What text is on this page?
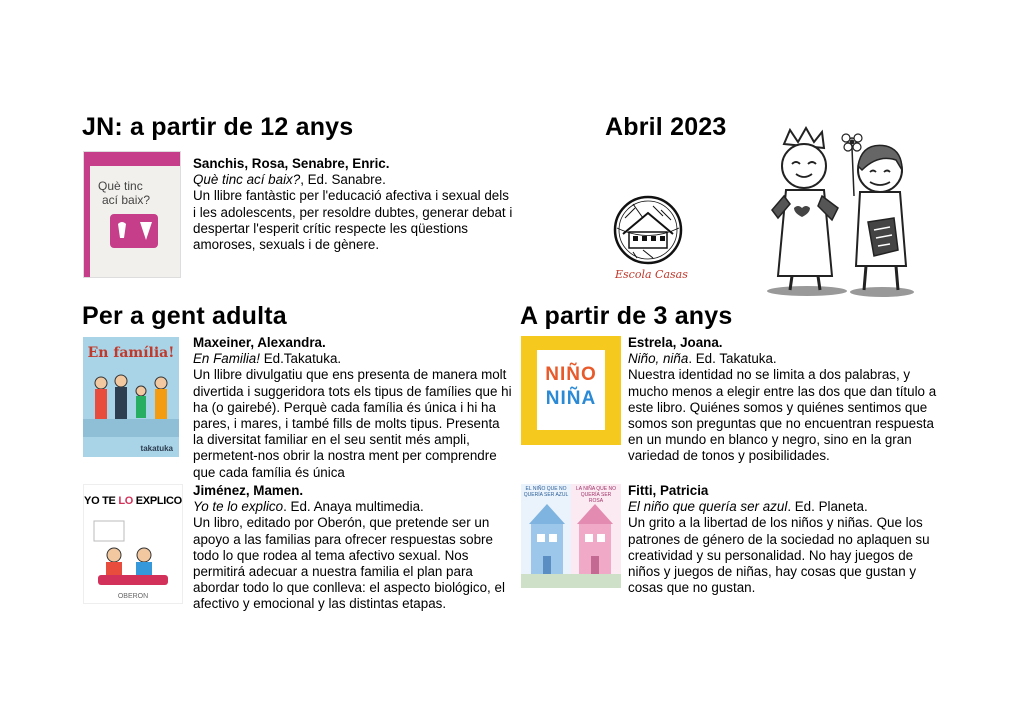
JN: a partir de 12 anys	Abril 2023
Per a gent adulta	A partir de 3 anys
Escola Casas
Què tinc
ací baix?

Sanchis, Rosa, Senabre, Enric.

Què tinc ací baix?, Ed. Sanabre.

Un llibre fantàstic per l'educació afectiva i sexual dels i les adolescents, per resoldre dubtes, generar debat i despertar l'esperit crític respecte les qüestions amoroses, sexuals i de gènere.

En família!
takatuka

Maxeiner, Alexandra.

En Familia! Ed.Takatuka.

Un llibre divulgatiu que ens presenta de manera molt divertida i suggeridora tots els tipus de famílies que hi ha (o gairebé). Perquè cada família és única i hi ha pares, i mares, i també fills de molts tipus. Presenta la diversitat familiar en el seu sentit més ampli, permetent-nos obrir la nostra ment per comprendre que cada família és única

YO TE LO EXPLICO
OBERON

Jiménez, Mamen.

Yo te lo explico. Ed. Anaya multimedia.

Un libro, editado por Oberón, que pretende ser un apoyo a las familias para ofrecer respuestas sobre todo lo que rodea al tema afectivo sexual. Nos permitirá adecuar a nuestra familia el plan para abordar todo lo que conlleva: el aspecto biológico, el afectivo y emocional y las distintas etapas.

NIÑO
NIÑA

Estrela, Joana.

Niño, niña. Ed. Takatuka.

Nuestra identidad no se limita a dos palabras, y mucho menos a elegir entre las dos que dan título a este libro. Quiénes somos y quiénes sentimos que somos son preguntas que no encuentran respuesta en un mundo en blanco y negro, sino en la gran variedad de tonos y posibilidades.

EL NIÑO QUE NO QUERÍA SER AZUL
LA NIÑA QUE NO QUERÍA SER ROSA

Fitti, Patricia

El niño que quería ser azul. Ed. Planeta.

Un grito a la libertad de los niños y niñas. Que los patrones de género de la sociedad no aplaquen su creatividad y su personalidad. No hay juegos de niños y juegos de niñas, hay cosas que gustan y cosas que no gustan.
